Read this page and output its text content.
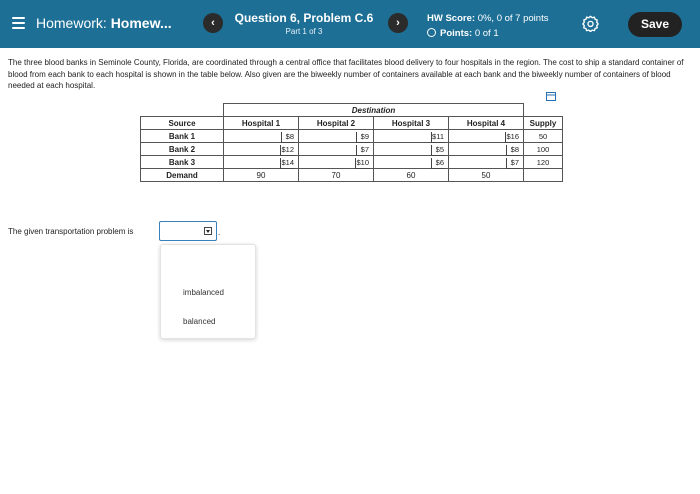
Homework: Homew...	‹	Question 6, Problem C.6
Part 1 of 3
›	HW Score: 0%, 0 of 7 points
Points: 0 of 1
Save
The three blood banks in Seminole County, Florida, are coordinated through a central office that facilitates blood delivery to four hospitals in the region. The cost to ship a standard container of blood from each bank to each hospital is shown in the table below. Also given are the biweekly number of containers available at each bank and the biweekly number of containers of blood needed at each hospital.
	Destination				
Source	Hospital 1	Hospital 2	Hospital 3	Hospital 4	Supply
Bank 1	$8	$9	$11	$16	50
Bank 2	$12	$7	$5	$8	100
Bank 3	$14	$10	$6	$7	120
Demand	90	70	60	50	
The given transportation problem is	.
imbalanced
balanced
